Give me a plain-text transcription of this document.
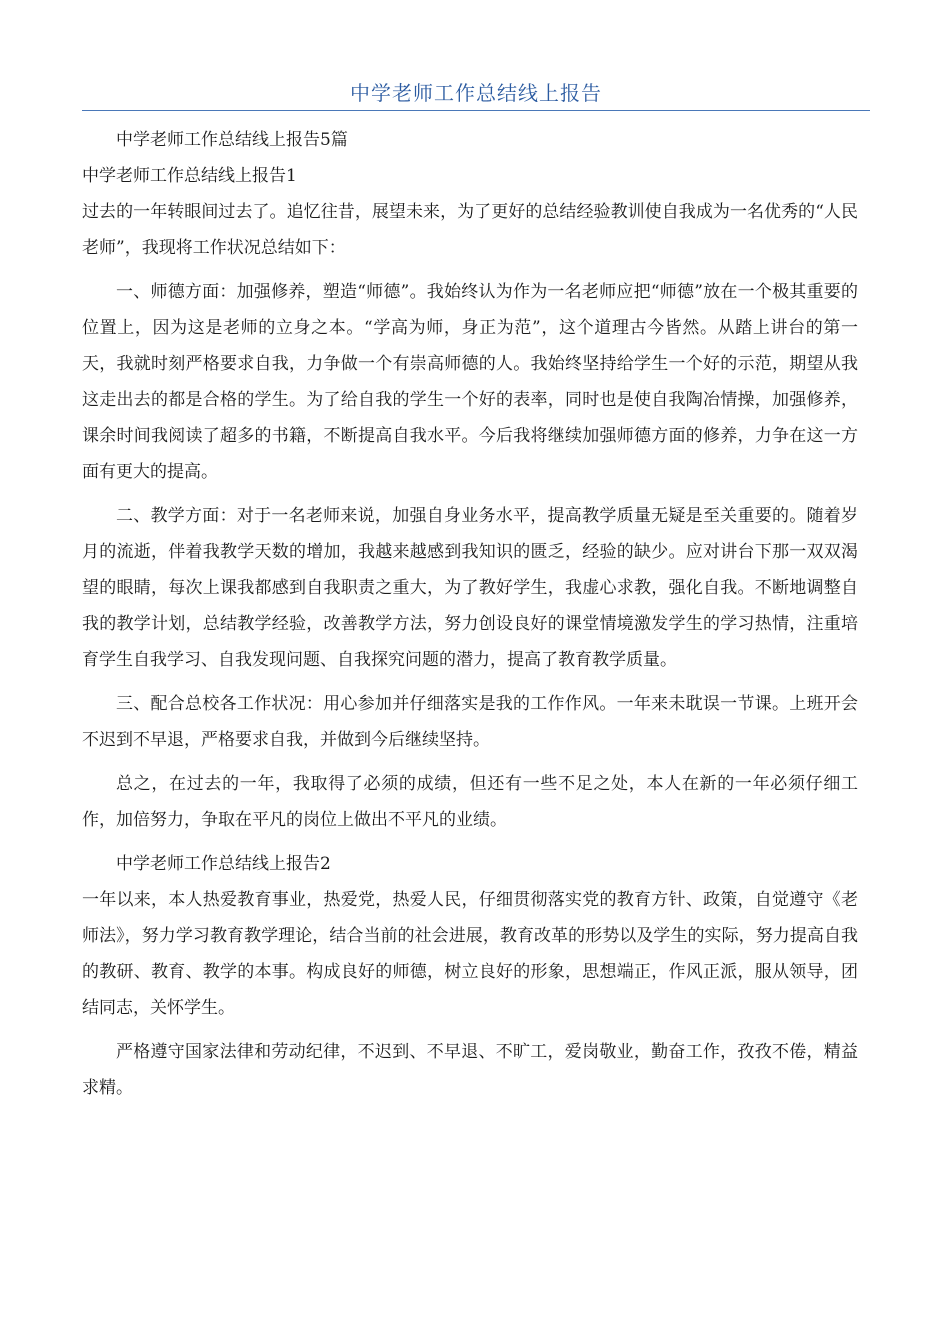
中学老师工作总结线上报告

中学老师工作总结线上报告5篇

中学老师工作总结线上报告1

过去的一年转眼间过去了。追忆往昔，展望未来，为了更好的总结经验教训使自我成为一名优秀的“人民老师”，我现将工作状况总结如下：

一、师德方面：加强修养，塑造“师德”。我始终认为作为一名老师应把“师德”放在一个极其重要的位置上，因为这是老师的立身之本。“学高为师，身正为范”，这个道理古今皆然。从踏上讲台的第一天，我就时刻严格要求自我，力争做一个有崇高师德的人。我始终坚持给学生一个好的示范，期望从我这走出去的都是合格的学生。为了给自我的学生一个好的表率，同时也是使自我陶冶情操，加强修养，课余时间我阅读了超多的书籍，不断提高自我水平。今后我将继续加强师德方面的修养，力争在这一方面有更大的提高。

二、教学方面：对于一名老师来说，加强自身业务水平，提高教学质量无疑是至关重要的。随着岁月的流逝，伴着我教学天数的增加，我越来越感到我知识的匮乏，经验的缺少。应对讲台下那一双双渴望的眼睛，每次上课我都感到自我职责之重大，为了教好学生，我虚心求教，强化自我。不断地调整自我的教学计划，总结教学经验，改善教学方法，努力创设良好的课堂情境激发学生的学习热情，注重培育学生自我学习、自我发现问题、自我探究问题的潜力，提高了教育教学质量。

三、配合总校各工作状况：用心参加并仔细落实是我的工作作风。一年来未耽误一节课。上班开会不迟到不早退，严格要求自我，并做到今后继续坚持。

总之，在过去的一年，我取得了必须的成绩，但还有一些不足之处，本人在新的一年必须仔细工作，加倍努力，争取在平凡的岗位上做出不平凡的业绩。

中学老师工作总结线上报告2

一年以来，本人热爱教育事业，热爱党，热爱人民，仔细贯彻落实党的教育方针、政策，自觉遵守《老师法》，努力学习教育教学理论，结合当前的社会进展，教育改革的形势以及学生的实际，努力提高自我的教研、教育、教学的本事。构成良好的师德，树立良好的形象，思想端正，作风正派，服从领导，团结同志，关怀学生。

严格遵守国家法律和劳动纪律，不迟到、不早退、不旷工，爱岗敬业，勤奋工作，孜孜不倦，精益求精。
